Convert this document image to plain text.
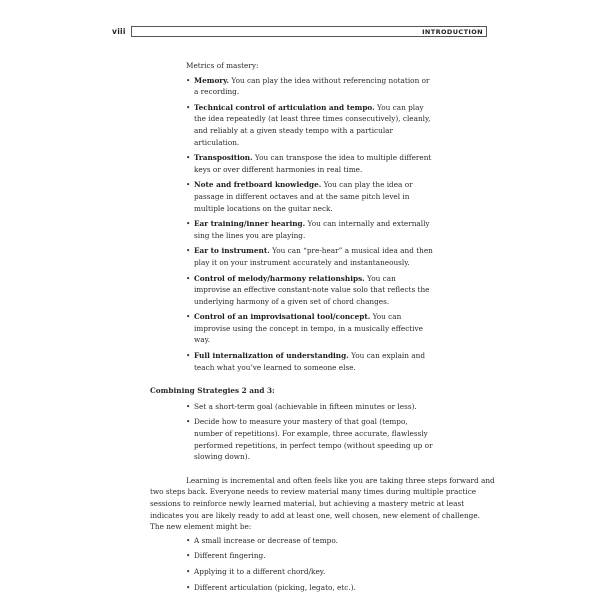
viii	INTRODUCTION

Metrics of mastery:

• Memory. You can play the idea without referencing notation or a recording.
• Technical control of articulation and tempo. You can play the idea repeatedly (at least three times consecutively), cleanly, and reliably at a given steady tempo with a particular articulation.
• Transposition. You can transpose the idea to multiple different keys or over different harmonies in real time.
• Note and fretboard knowledge. You can play the idea or passage in different octaves and at the same pitch level in multiple locations on the guitar neck.
• Ear training/inner hearing. You can internally and externally sing the lines you are playing.
• Ear to instrument. You can “pre-hear” a musical idea and then play it on your instrument accurately and instantaneously.
• Control of melody/harmony relationships. You can improvise an effective constant-note value solo that reflects the underlying harmony of a given set of chord changes.
• Control of an improvisational tool/concept. You can improvise using the concept in tempo, in a musically effective way.
• Full internalization of understanding. You can explain and teach what you’ve learned to someone else.

Combining Strategies 2 and 3:

• Set a short-term goal (achievable in fifteen minutes or less).
• Decide how to measure your mastery of that goal (tempo, number of repetitions). For example, three accurate, flawlessly performed repetitions, in perfect tempo (without speeding up or slowing down).

Learning is incremental and often feels like you are taking three steps forward and two steps back. Everyone needs to review material many times during multiple practice sessions to reinforce newly learned material, but achieving a mastery metric at least indicates you are likely ready to add at least one, well chosen, new element of challenge. The new element might be:

• A small increase or decrease of tempo.
• Different fingering.
• Applying it to a different chord/key.
• Different articulation (picking, legato, etc.).
